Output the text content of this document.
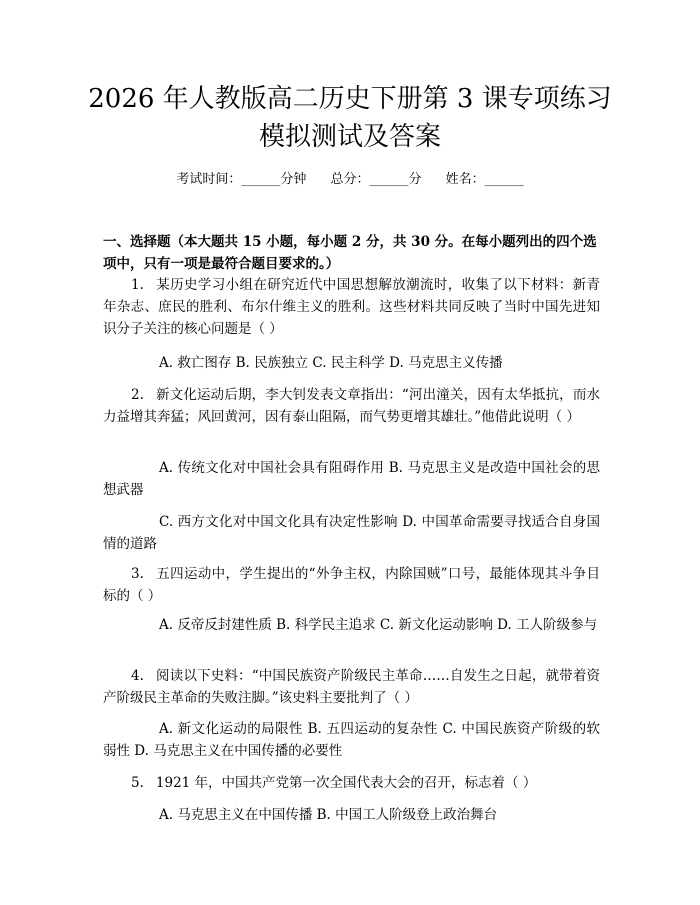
2026 年人教版高二历史下册第 3 课专项练习
模拟测试及答案
考试时间：______分钟 总分：______分 姓名：______
一、选择题（本大题共 15 小题，每小题 2 分，共 30 分。在每小题列出的四个选项中，只有一项是最符合题目要求的。）
1. 某历史学习小组在研究近代中国思想解放潮流时，收集了以下材料：新青年杂志、庶民的胜利、布尔什维主义的胜利。这些材料共同反映了当时中国先进知识分子关注的核心问题是（ ）
A. 救亡图存 B. 民族独立 C. 民主科学 D. 马克思主义传播
2. 新文化运动后期，李大钊发表文章指出：“河出潼关，因有太华抵抗，而水力益增其奔猛；风回黄河，因有泰山阻隔，而气势更增其雄壮。”他借此说明（ ）
A. 传统文化对中国社会具有阻碍作用 B. 马克思主义是改造中国社会的思想武器
C. 西方文化对中国文化具有决定性影响 D. 中国革命需要寻找适合自身国情的道路
3. 五四运动中，学生提出的“外争主权，内除国贼”口号，最能体现其斗争目标的（ ）
A. 反帝反封建性质 B. 科学民主追求 C. 新文化运动影响 D. 工人阶级参与
4. 阅读以下史料：“中国民族资产阶级民主革命……自发生之日起，就带着资产阶级民主革命的失败注脚。”该史料主要批判了（ ）
A. 新文化运动的局限性 B. 五四运动的复杂性 C. 中国民族资产阶级的软弱性 D. 马克思主义在中国传播的必要性
5. 1921 年，中国共产党第一次全国代表大会的召开，标志着（ ）
A. 马克思主义在中国传播 B. 中国工人阶级登上政治舞台
